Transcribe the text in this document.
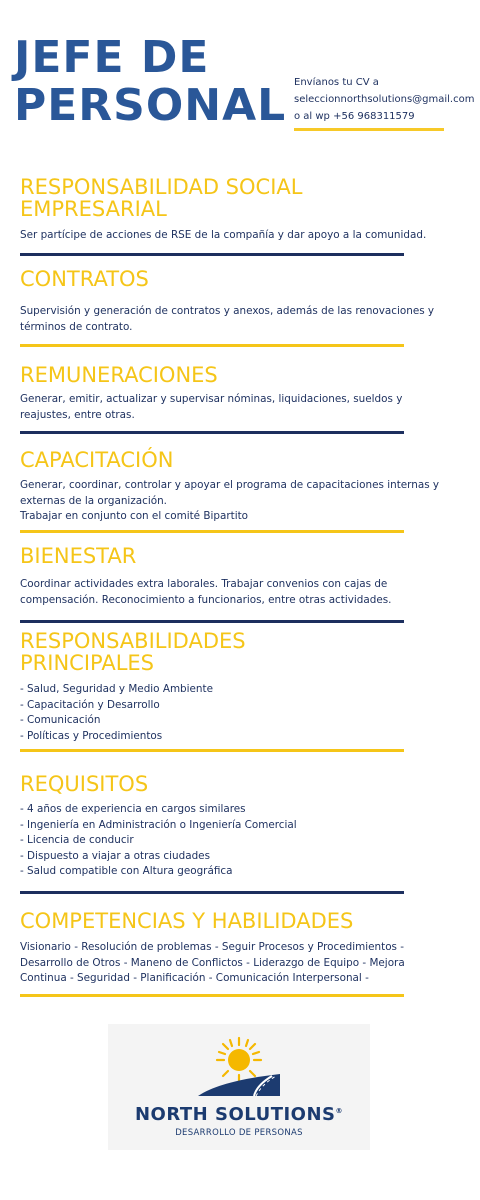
JEFE DE
PERSONAL Envíanos tu CV a
seleccionnorthsolutions@gmail.com
o al wp +56 968311579
RESPONSABILIDAD SOCIAL
EMPRESARIAL

Ser partícipe de acciones de RSE de la compañía y dar apoyo a la comunidad.

CONTRATOS

Supervisión y generación de contratos y anexos, además de las renovaciones y términos de contrato.

REMUNERACIONES

Generar, emitir, actualizar y supervisar nóminas, liquidaciones, sueldos y reajustes, entre otras.

CAPACITACIÓN

Generar, coordinar, controlar y apoyar el programa de capacitaciones internas y externas de la organización.

Trabajar en conjunto con el comité Bipartito

BIENESTAR

Coordinar actividades extra laborales. Trabajar convenios con cajas de compensación. Reconocimiento a funcionarios, entre otras actividades.

RESPONSABILIDADES
PRINCIPALES
- Salud, Seguridad y Medio Ambiente
- Capacitación y Desarrollo
- Comunicación
- Políticas y Procedimientos
REQUISITOS
- 4 años de experiencia en cargos similares
- Ingeniería en Administración o Ingeniería Comercial
- Licencia de conducir
- Dispuesto a viajar a otras ciudades
- Salud compatible con Altura geográfica
COMPETENCIAS Y HABILIDADES

Visionario - Resolución de problemas - Seguir Procesos y Procedimientos - Desarrollo de Otros - Maneno de Conflictos - Liderazgo de Equipo - Mejora Continua - Seguridad - Planificación - Comunicación Interpersonal -

NORTH SOLUTIONS®
DESARROLLO DE PERSONAS
